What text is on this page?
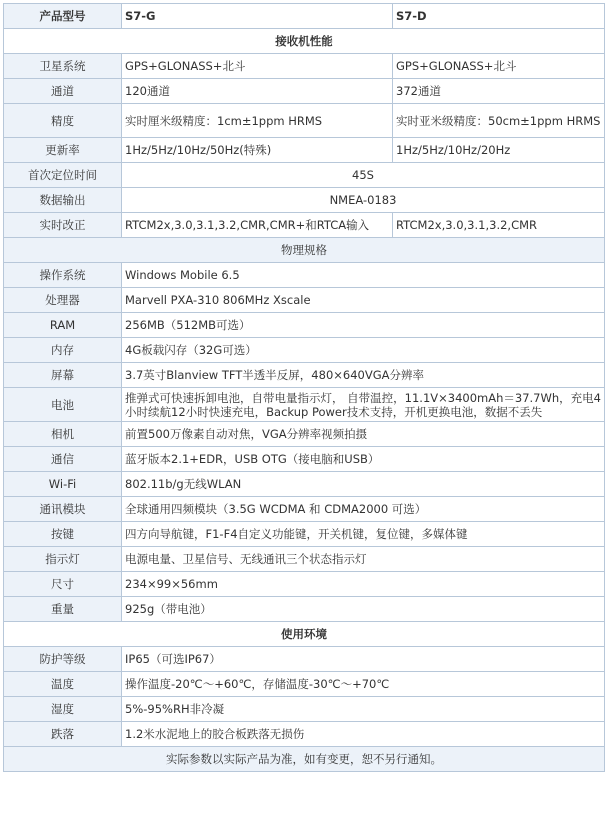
产品型号	S7-G	S7-D
接收机性能		
卫星系统	GPS+GLONASS+北斗	GPS+GLONASS+北斗
通道	120通道	372通道
精度	实时厘米级精度：1cm±1ppm HRMS	实时亚米级精度：50cm±1ppm HRMS
更新率	1Hz/5Hz/10Hz/50Hz(特殊)	1Hz/5Hz/10Hz/20Hz
首次定位时间	45S	
数据输出	NMEA-0183	
实时改正	RTCM2x,3.0,3.1,3.2,CMR,CMR+和RTCA输入	RTCM2x,3.0,3.1,3.2,CMR
物理规格		
操作系统	Windows Mobile 6.5	
处理器	Marvell PXA-310 806MHz Xscale	
RAM	256MB（512MB可选）	
内存	4G板载闪存（32G可选）	
屏幕	3.7英寸Blanview TFT半透半反屏，480×640VGA分辨率	
电池	推弹式可快速拆卸电池，自带电量指示灯， 自带温控，11.1V×3400mAh＝37.7Wh，充电4小时续航12小时快速充电，Backup Power技术支持，开机更换电池，数据不丢失	
相机	前置500万像素自动对焦，VGA分辨率视频拍摄	
通信	蓝牙版本2.1+EDR，USB OTG（接电脑和USB）	
Wi-Fi	802.11b/g无线WLAN	
通讯模块	全球通用四频模块（3.5G WCDMA 和 CDMA2000 可选）	
按键	四方向导航键，F1-F4自定义功能键，开关机键，复位键，多媒体键	
指示灯	电源电量、卫星信号、无线通讯三个状态指示灯	
尺寸	234×99×56mm	
重量	925g（带电池）	
使用环境		
防护等级	IP65（可选IP67）	
温度	操作温度-20℃～+60℃，存储温度-30℃～+70℃	
湿度	5%-95%RH非冷凝	
跌落	1.2米水泥地上的胶合板跌落无损伤	
实际参数以实际产品为准，如有变更，恕不另行通知。		
